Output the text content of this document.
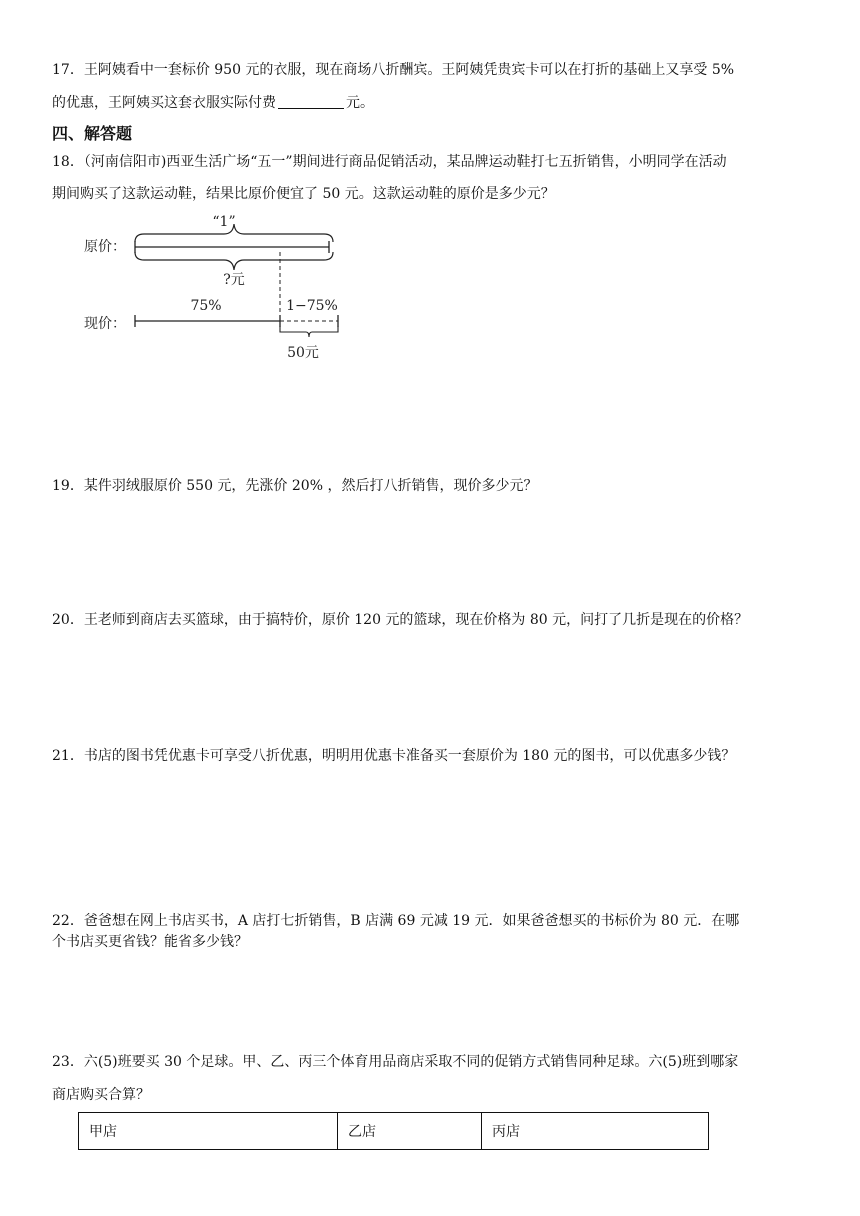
17．王阿姨看中一套标价 950 元的衣服，现在商场八折酬宾。王阿姨凭贵宾卡可以在打折的基础上又享受 5%
的优惠，王阿姨买这套衣服实际付费	元。
四、解答题
18．（河南信阳市)西亚生活广场“五一”期间进行商品促销活动，某品牌运动鞋打七五折销售，小明同学在活动
期间购买了这款运动鞋，结果比原价便宜了 50 元。这款运动鞋的原价是多少元？
“1”
原价：
?元
现价：
75%	1−75%
50元
19．某件羽绒服原价 550 元，先涨价 20% ，然后打八折销售，现价多少元？
20．王老师到商店去买篮球，由于搞特价，原价 120 元的篮球，现在价格为 80 元，问打了几折是现在的价格？
21．书店的图书凭优惠卡可享受八折优惠，明明用优惠卡准备买一套原价为 180 元的图书，可以优惠多少钱？
22．爸爸想在网上书店买书，A 店打七折销售，B 店满 69 元减 19 元．如果爸爸想买的书标价为 80 元．在哪
个书店买更省钱？能省多少钱？
23．六(5)班要买 30 个足球。甲、乙、丙三个体育用品商店采取不同的促销方式销售同种足球。六(5)班到哪家
商店购买合算？
甲店	乙店	丙店
